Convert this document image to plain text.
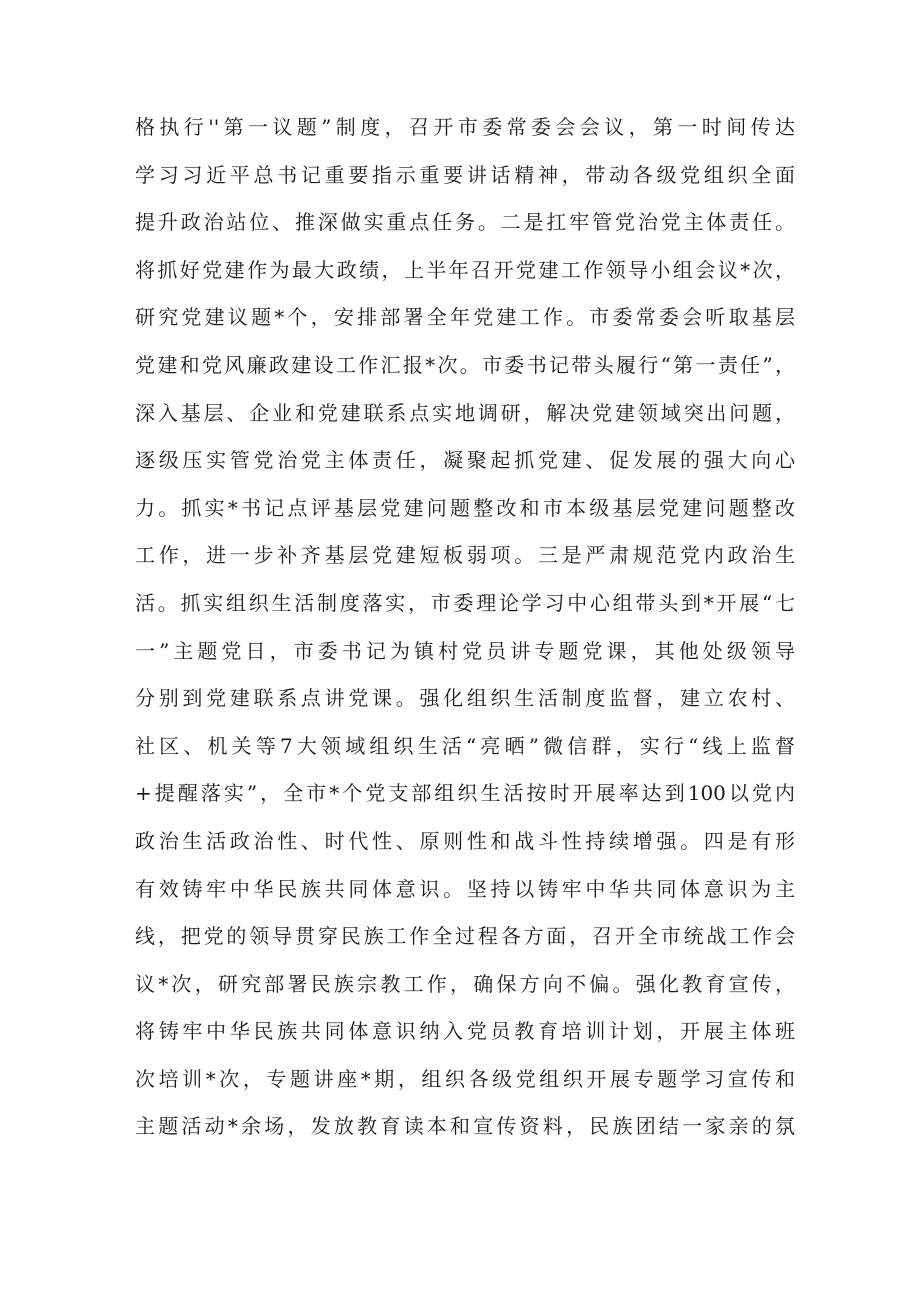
格执行''第一议题”制度，召开市委常委会会议，第一时间传达
学习习近平总书记重要指示重要讲话精神，带动各级党组织全面
提升政治站位、推深做实重点任务。二是扛牢管党治党主体责任。
将抓好党建作为最大政绩，上半年召开党建工作领导小组会议*次，
研究党建议题*个，安排部署全年党建工作。市委常委会听取基层
党建和党风廉政建设工作汇报*次。市委书记带头履行“第一责任”，
深入基层、企业和党建联系点实地调研，解决党建领域突出问题，
逐级压实管党治党主体责任，凝聚起抓党建、促发展的强大向心
力。抓实*书记点评基层党建问题整改和市本级基层党建问题整改
工作，进一步补齐基层党建短板弱项。三是严肃规范党内政治生
活。抓实组织生活制度落实，市委理论学习中心组带头到*开展“七
一”主题党日，市委书记为镇村党员讲专题党课，其他处级领导
分别到党建联系点讲党课。强化组织生活制度监督，建立农村、
社区、机关等7大领域组织生活“亮晒”微信群，实行“线上监督
+提醒落实”，全市*个党支部组织生活按时开展率达到100以党内
政治生活政治性、时代性、原则性和战斗性持续增强。四是有形
有效铸牢中华民族共同体意识。坚持以铸牢中华共同体意识为主
线，把党的领导贯穿民族工作全过程各方面，召开全市统战工作会
议*次，研究部署民族宗教工作，确保方向不偏。强化教育宣传，
将铸牢中华民族共同体意识纳入党员教育培训计划，开展主体班
次培训*次，专题讲座*期，组织各级党组织开展专题学习宣传和
主题活动*余场，发放教育读本和宣传资料，民族团结一家亲的氛
